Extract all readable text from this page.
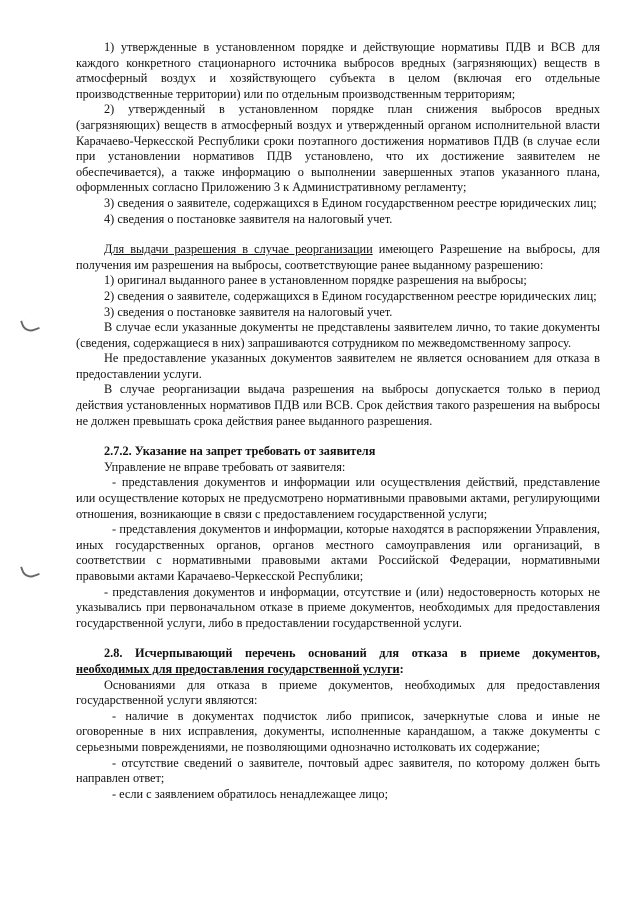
1) утвержденные в установленном порядке и действующие нормативы ПДВ и ВСВ для каждого конкретного стационарного источника выбросов вредных (загрязняющих) веществ в атмосферный воздух и хозяйствующего субъекта в целом (включая его отдельные производственные территории) или по отдельным производственным территориям;

2) утвержденный в установленном порядке план снижения выбросов вредных (загрязняющих) веществ в атмосферный воздух и утвержденный органом исполнительной власти Карачаево-Черкесской Республики сроки поэтапного достижения нормативов ПДВ (в случае если при установлении нормативов ПДВ установлено, что их достижение заявителем не обеспечивается), а также информацию о выполнении завершенных этапов указанного плана, оформленных согласно Приложению 3 к Административному регламенту;

3) сведения о заявителе, содержащихся в Едином государственном реестре юридических лиц;

4) сведения о постановке заявителя на налоговый учет.

Для выдачи разрешения в случае реорганизации имеющего Разрешение на выбросы, для получения им разрешения на выбросы, соответствующие ранее выданному разрешению:

1) оригинал выданного ранее в установленном порядке разрешения на выбросы;

2) сведения о заявителе, содержащихся в Едином государственном реестре юридических лиц;

3) сведения о постановке заявителя на налоговый учет.

В случае если указанные документы не представлены заявителем лично, то такие документы (сведения, содержащиеся в них) запрашиваются сотрудником по межведомственному запросу.

Не предоставление указанных документов заявителем не является основанием для отказа в предоставлении услуги.

В случае реорганизации выдача разрешения на выбросы допускается только в период действия установленных нормативов ПДВ или ВСВ. Срок действия такого разрешения на выбросы не должен превышать срока действия ранее выданного разрешения.

2.7.2. Указание на запрет требовать от заявителя

Управление не вправе требовать от заявителя:

- представления документов и информации или осуществления действий, представление или осуществление которых не предусмотрено нормативными правовыми актами, регулирующими отношения, возникающие в связи с предоставлением государственной услуги;

- представления документов и информации, которые находятся в распоряжении Управления, иных государственных органов, органов местного самоуправления или организаций, в соответствии с нормативными правовыми актами Российской Федерации, нормативными правовыми актами Карачаево-Черкесской Республики;

- представления документов и информации, отсутствие и (или) недостоверность которых не указывались при первоначальном отказе в приеме документов, необходимых для предоставления государственной услуги, либо в предоставлении государственной услуги.

2.8. Исчерпывающий перечень оснований для отказа в приеме документов, необходимых для предоставления государственной услуги:

Основаниями для отказа в приеме документов, необходимых для предоставления государственной услуги являются:

- наличие в документах подчисток либо приписок, зачеркнутые слова и иные не оговоренные в них исправления, документы, исполненные карандашом, а также документы с серьезными повреждениями, не позволяющими однозначно истолковать их содержание;

- отсутствие сведений о заявителе, почтовый адрес заявителя, по которому должен быть направлен ответ;

- если с заявлением обратилось ненадлежащее лицо;
